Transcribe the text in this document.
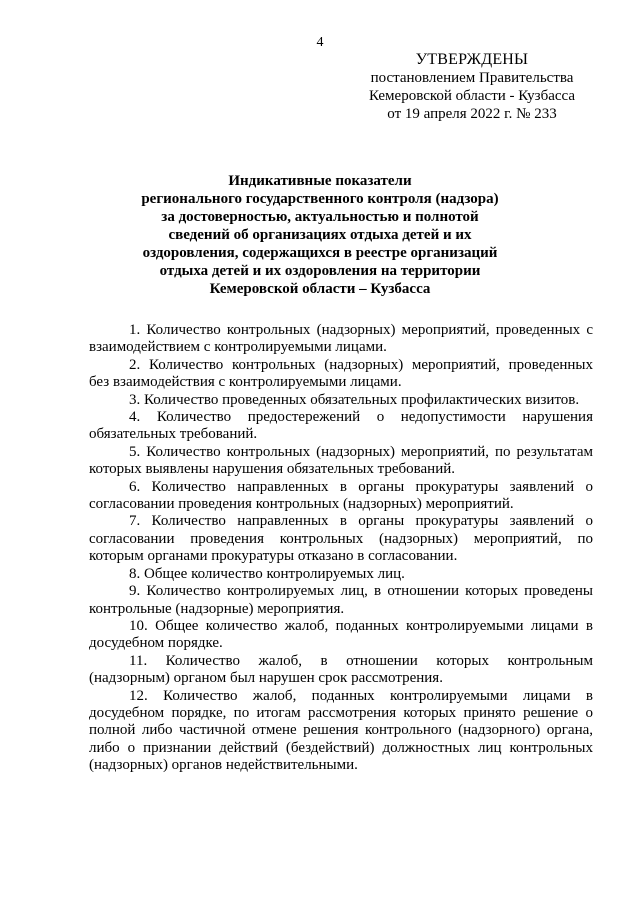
4
УТВЕРЖДЕНЫ
постановлением Правительства
Кемеровской области - Кузбасса
от 19 апреля 2022 г. № 233
Индикативные показатели
регионального государственного контроля (надзора)
за достоверностью, актуальностью и полнотой
сведений об организациях отдыха детей и их
оздоровления, содержащихся в реестре организаций
отдыха детей и их оздоровления на территории
Кемеровской области – Кузбасса
1. Количество контрольных (надзорных) мероприятий, проведенных с
взаимодействием с контролируемыми лицами.
2. Количество контрольных (надзорных) мероприятий, проведенных
без взаимодействия с контролируемыми лицами.
3. Количество проведенных обязательных профилактических визитов.
4. Количество предостережений о недопустимости нарушения
обязательных требований.
5. Количество контрольных (надзорных) мероприятий, по результатам
которых выявлены нарушения обязательных требований.
6. Количество направленных в органы прокуратуры заявлений о
согласовании проведения контрольных (надзорных) мероприятий.
7. Количество направленных в органы прокуратуры заявлений о
согласовании проведения контрольных (надзорных) мероприятий, по
которым органами прокуратуры отказано в согласовании.
8. Общее количество контролируемых лиц.
9. Количество контролируемых лиц, в отношении которых проведены
контрольные (надзорные) мероприятия.
10. Общее количество жалоб, поданных контролируемыми лицами в
досудебном порядке.
11. Количество жалоб, в отношении которых контрольным
(надзорным) органом был нарушен срок рассмотрения.
12. Количество жалоб, поданных контролируемыми лицами в
досудебном порядке, по итогам рассмотрения которых принято решение о
полной либо частичной отмене решения контрольного (надзорного) органа,
либо о признании действий (бездействий) должностных лиц контрольных
(надзорных) органов недействительными.
